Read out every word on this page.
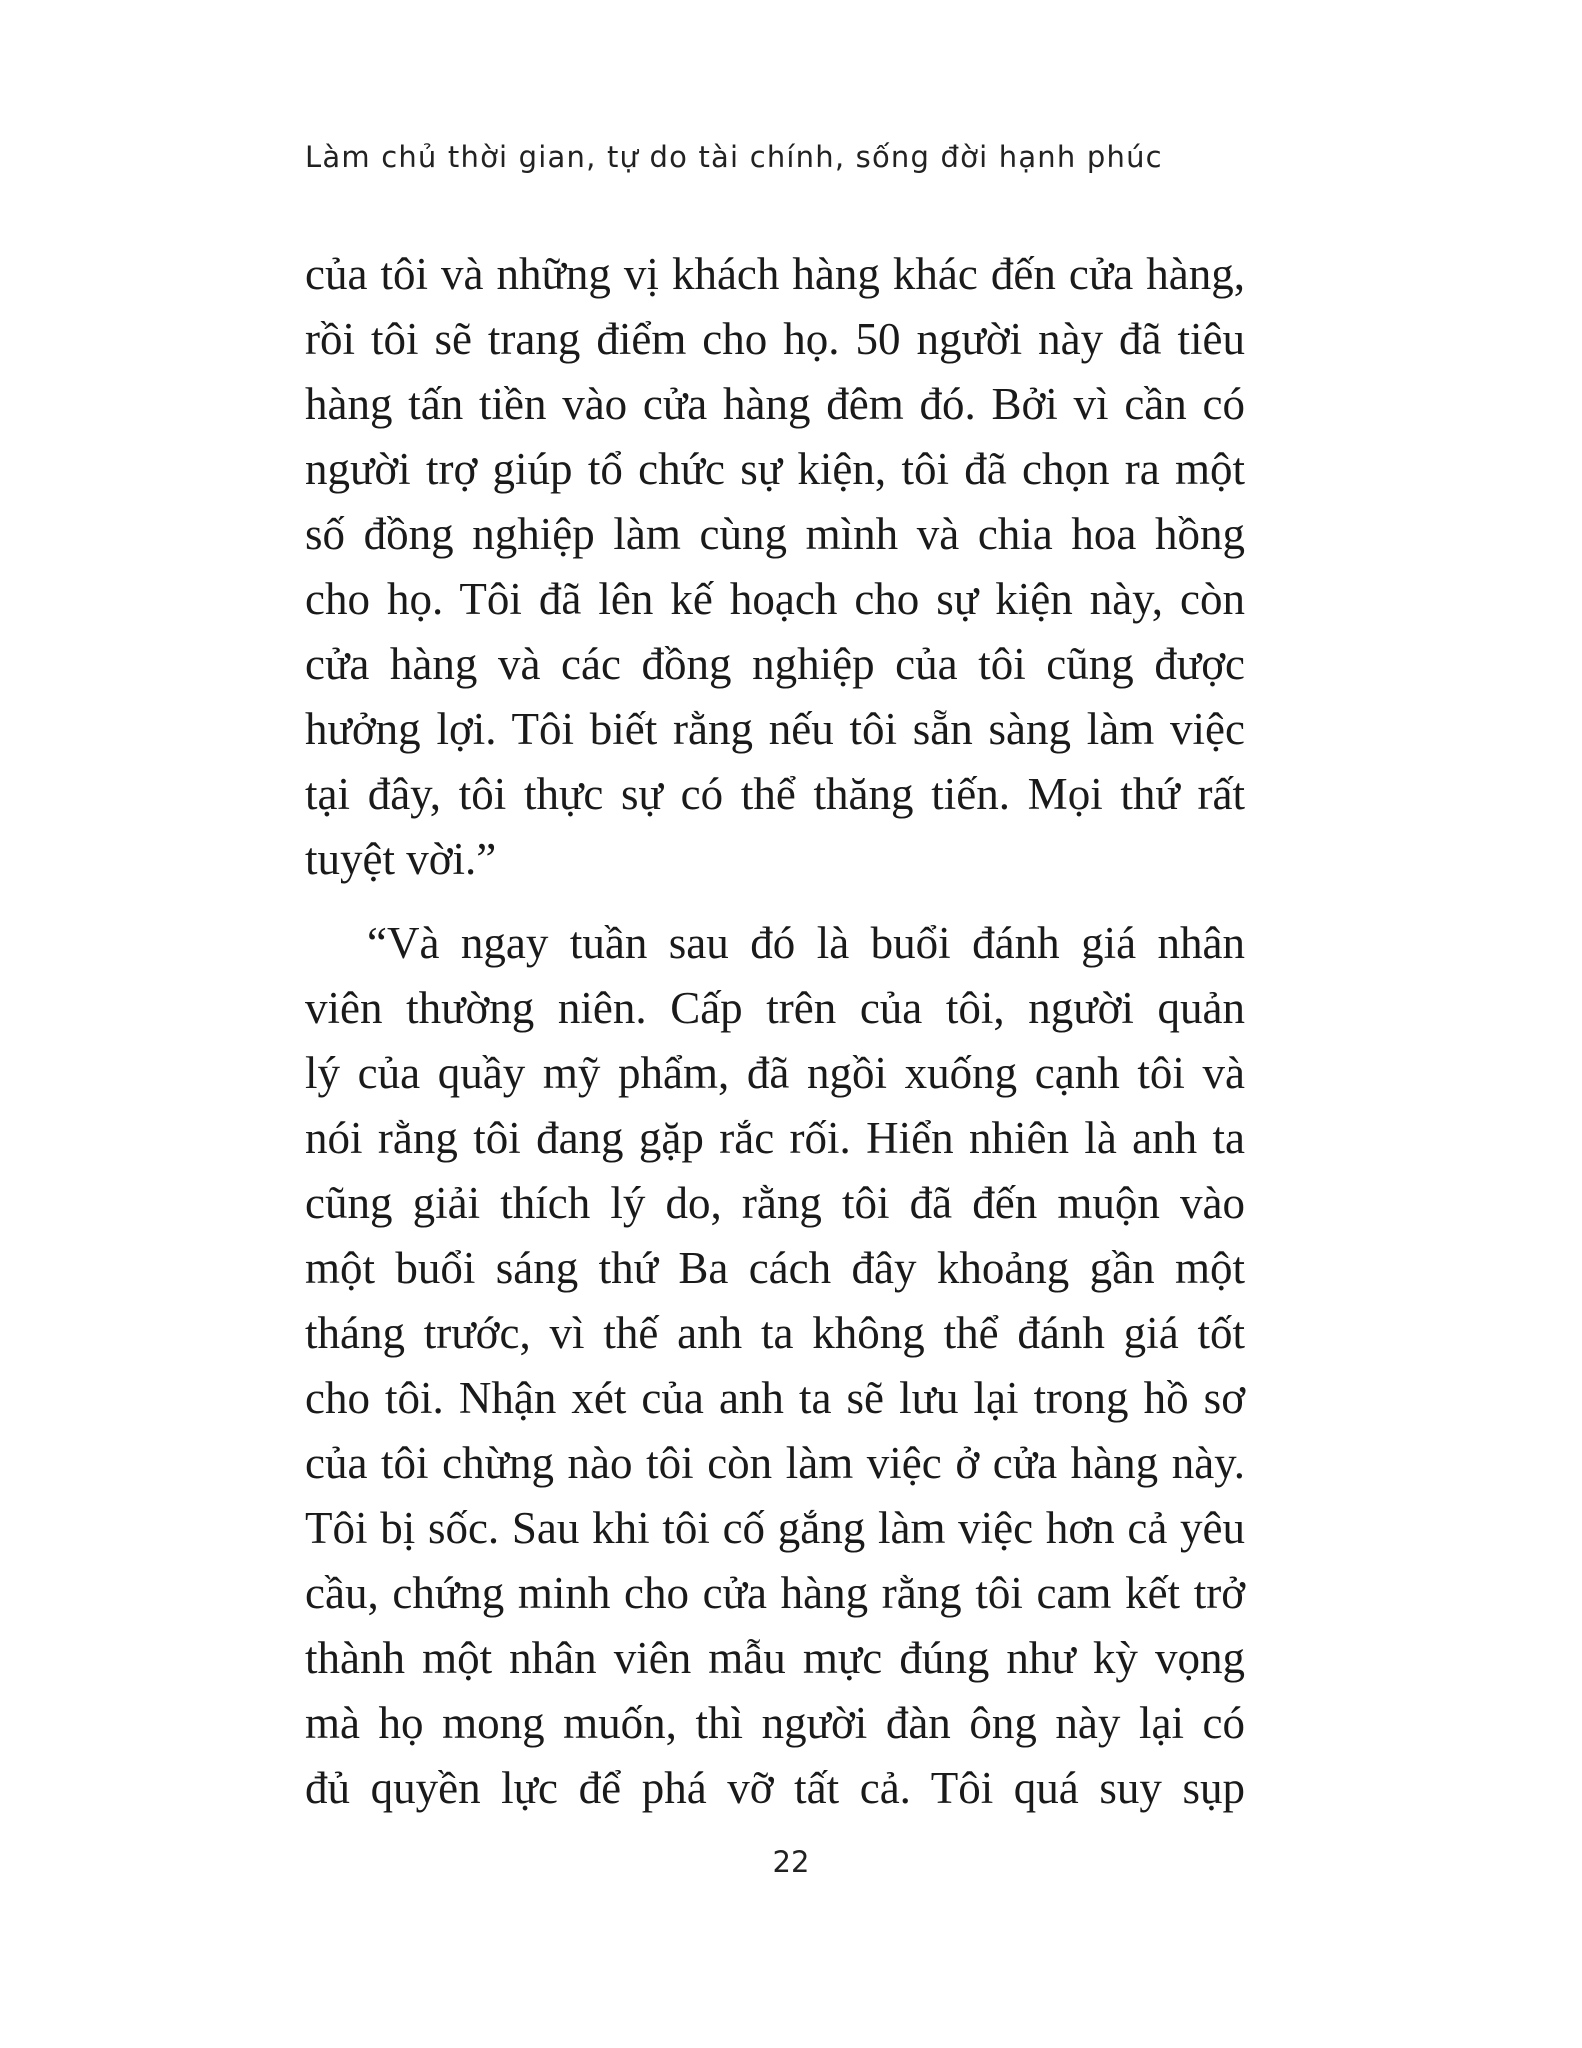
Làm chủ thời gian, tự do tài chính, sống đời hạnh phúc
của tôi và những vị khách hàng khác đến cửa hàng,
rồi tôi sẽ trang điểm cho họ. 50 người này đã tiêu
hàng tấn tiền vào cửa hàng đêm đó. Bởi vì cần có
người trợ giúp tổ chức sự kiện, tôi đã chọn ra một
số đồng nghiệp làm cùng mình và chia hoa hồng
cho họ. Tôi đã lên kế hoạch cho sự kiện này, còn
cửa hàng và các đồng nghiệp của tôi cũng được
hưởng lợi. Tôi biết rằng nếu tôi sẵn sàng làm việc
tại đây, tôi thực sự có thể thăng tiến. Mọi thứ rất
tuyệt vời.”
“Và ngay tuần sau đó là buổi đánh giá nhân
viên thường niên. Cấp trên của tôi, người quản
lý của quầy mỹ phẩm, đã ngồi xuống cạnh tôi và
nói rằng tôi đang gặp rắc rối. Hiển nhiên là anh ta
cũng giải thích lý do, rằng tôi đã đến muộn vào
một buổi sáng thứ Ba cách đây khoảng gần một
tháng trước, vì thế anh ta không thể đánh giá tốt
cho tôi. Nhận xét của anh ta sẽ lưu lại trong hồ sơ
của tôi chừng nào tôi còn làm việc ở cửa hàng này.
Tôi bị sốc. Sau khi tôi cố gắng làm việc hơn cả yêu
cầu, chứng minh cho cửa hàng rằng tôi cam kết trở
thành một nhân viên mẫu mực đúng như kỳ vọng
mà họ mong muốn, thì người đàn ông này lại có
đủ quyền lực để phá vỡ tất cả. Tôi quá suy sụp
22
